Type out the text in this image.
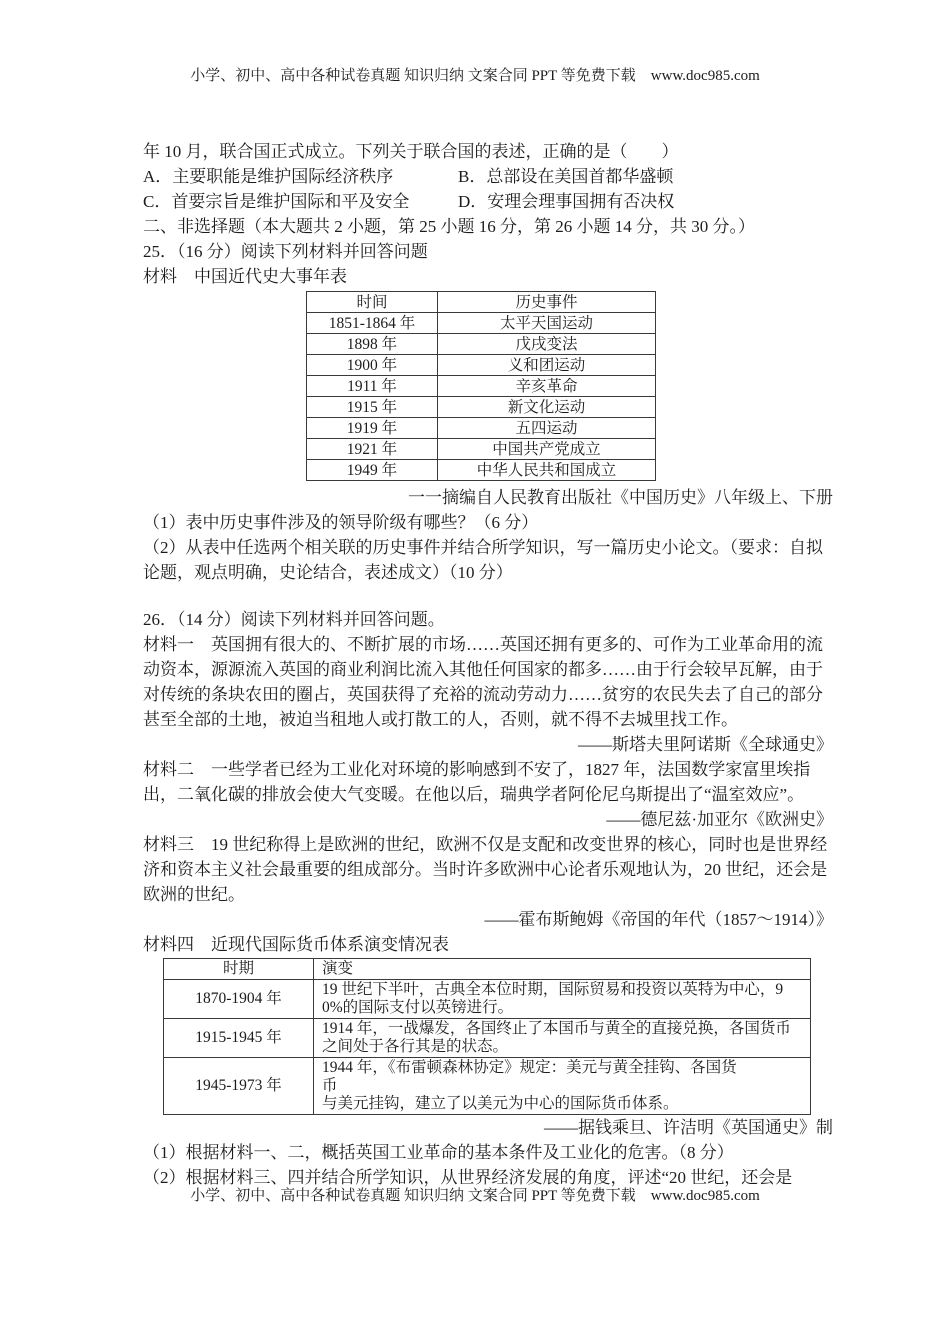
小学、初中、高中各种试卷真题 知识归纳 文案合同 PPT 等免费下载　www.doc985.com
年 10 月，联合国正式成立。下列关于联合国的表述，正确的是（　　）
A．主要职能是维护国际经济秩序	B．总部设在美国首都华盛顿
C．首要宗旨是维护国际和平及安全	D．安理会理事国拥有否决权
二、非选择题（本大题共 2 小题，第 25 小题 16 分，第 26 小题 14 分，共 30 分。）
25．（16 分）阅读下列材料并回答问题
材料　中国近代史大事年表
时间	历史事件
1851-1864 年	太平天国运动
1898 年	戊戌变法
1900 年	义和团运动
1911 年	辛亥革命
1915 年	新文化运动
1919 年	五四运动
1921 年	中国共产党成立
1949 年	中华人民共和国成立
一一摘编自人民教育出版社《中国历史》八年级上、下册
（1）表中历史事件涉及的领导阶级有哪些？（6 分）
（2）从表中任选两个相关联的历史事件并结合所学知识，写一篇历史小论文。（要求：自拟论题，观点明确，史论结合，表述成文）（10 分）
26．（14 分）阅读下列材料并回答问题。
材料一　英国拥有很大的、不断扩展的市场……英国还拥有更多的、可作为工业革命用的流动资本，源源流入英国的商业利润比流入其他任何国家的都多……由于行会较早瓦解，由于对传统的条块农田的圈占，英国获得了充裕的流动劳动力……贫穷的农民失去了自己的部分甚至全部的土地，被迫当租地人或打散工的人，否则，就不得不去城里找工作。
——斯塔夫里阿诺斯《全球通史》
材料二　一些学者已经为工业化对环境的影响感到不安了，1827 年，法国数学家富里埃指出，二氧化碳的排放会使大气变暖。在他以后，瑞典学者阿伦尼乌斯提出了“温室效应”。
——德尼兹·加亚尔《欧洲史》
材料三　19 世纪称得上是欧洲的世纪，欧洲不仅是支配和改变世界的核心，同时也是世界经济和资本主义社会最重要的组成部分。当时许多欧洲中心论者乐观地认为，20 世纪，还会是欧洲的世纪。
——霍布斯鲍姆《帝国的年代（1857～1914）》
材料四　近现代国际货币体系演变情况表
时期	演变
1870-1904 年	19 世纪下半叶，古典全本位时期，国际贸易和投资以英特为中心，90%的国际支付以英镑进行。
1915-1945 年	1914 年，一战爆发，各国终止了本国币与黄全的直接兑换，各国货币之间处于各行其是的状态。
1945-1973 年	1944 年，《布雷顿森林协定》规定：美元与黄全挂钩、各国货
币
与美元挂钩，建立了以美元为中心的国际货币体系。
——据钱乘旦、许洁明《英国通史》制
（1）根据材料一、二，概括英国工业革命的基本条件及工业化的危害。（8 分）
（2）根据材料三、四并结合所学知识，从世界经济发展的角度，评述“20 世纪，还会是
小学、初中、高中各种试卷真题 知识归纳 文案合同 PPT 等免费下载　www.doc985.com
